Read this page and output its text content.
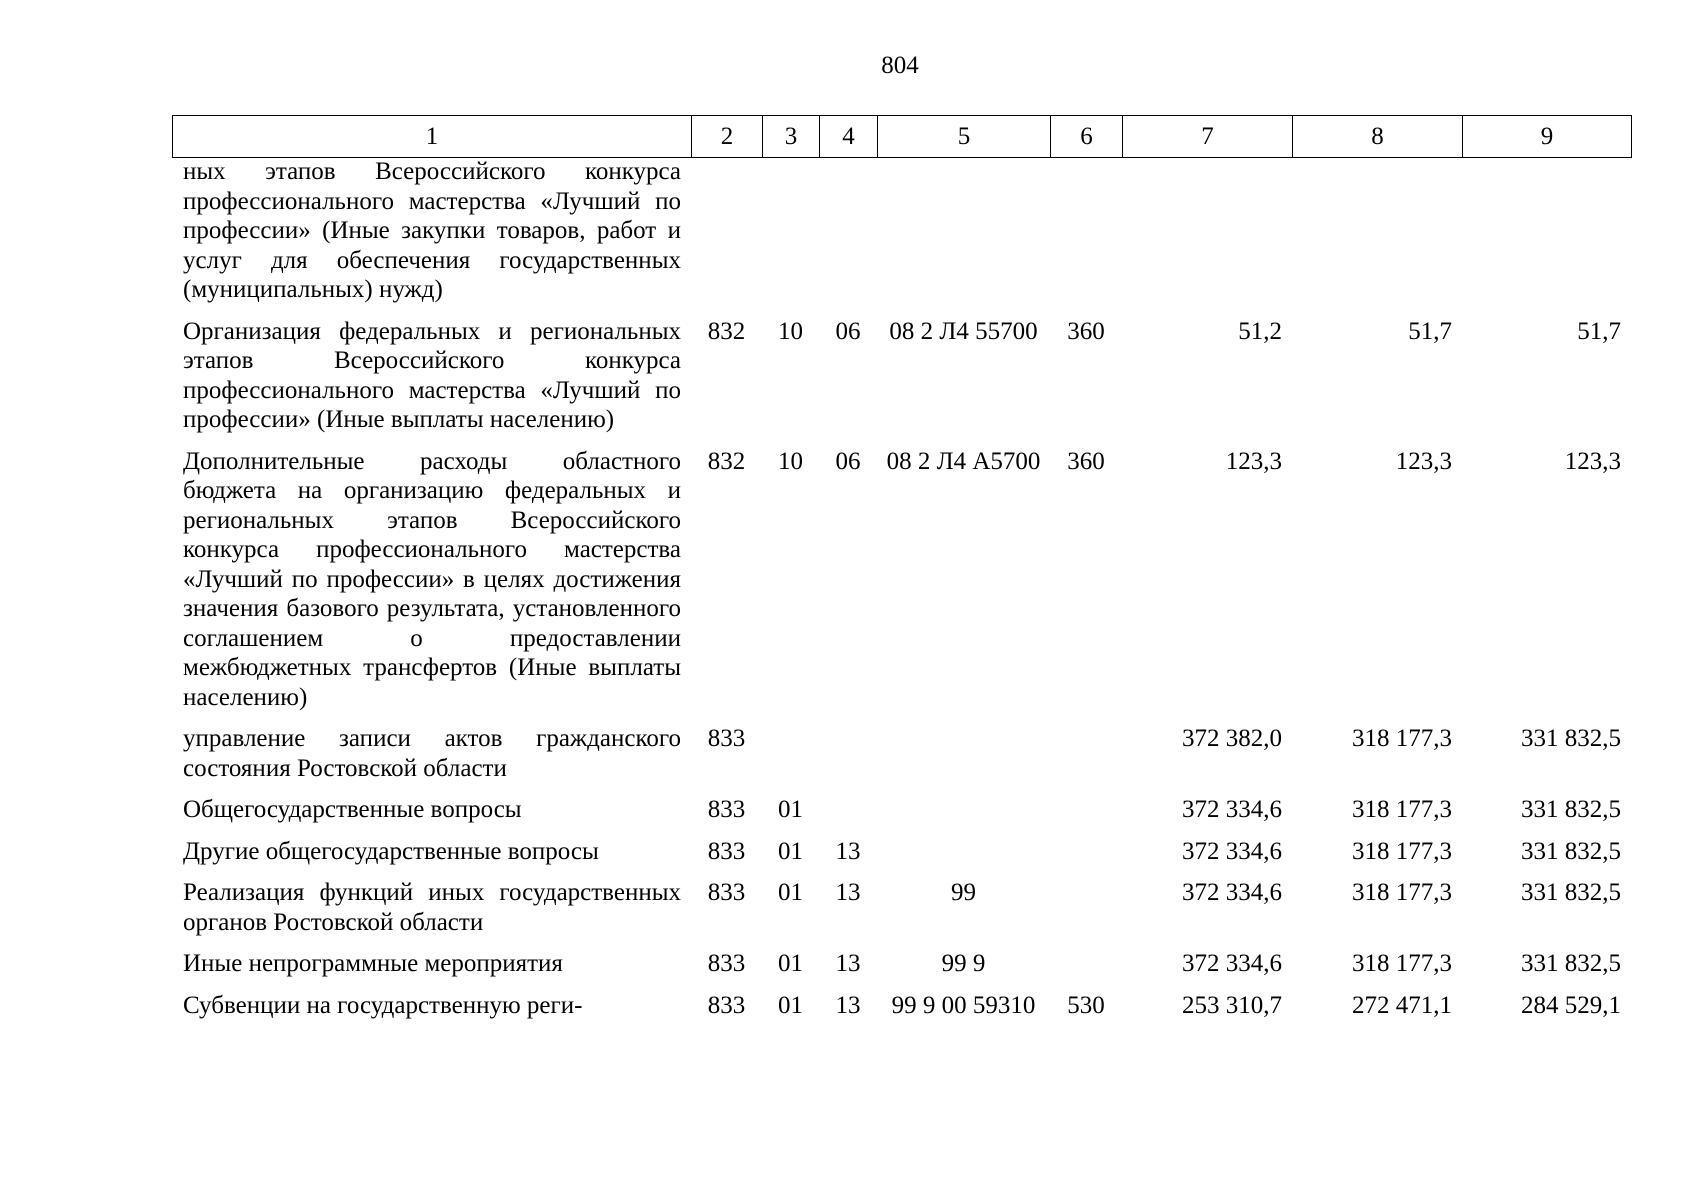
804
1	2	3	4	5	6	7	8	9
ных этапов Всероссийского конкурса профессионального мастерства «Лучший по профессии» (Иные закупки товаров, работ и услуг для обеспечения государственных (муниципальных) нужд)								
Организация федеральных и региональных этапов Всероссийского конкурса профессионального мастерства «Лучший по профессии» (Иные выплаты населению)	832	10	06	08 2 Л4 55700	360	51,2	51,7	51,7
Дополнительные расходы областного бюджета на организацию федеральных и региональных этапов Всероссийского конкурса профессионального мастерства «Лучший по профессии» в целях достижения значения базового результата, установленного соглашением о предоставлении межбюджетных трансфертов (Иные выплаты населению)	832	10	06	08 2 Л4 А5700	360	123,3	123,3	123,3
управление записи актов гражданского состояния Ростовской области	833					372 382,0	318 177,3	331 832,5
Общегосударственные вопросы	833	01				372 334,6	318 177,3	331 832,5
Другие общегосударственные вопросы	833	01	13			372 334,6	318 177,3	331 832,5
Реализация функций иных государственных органов Ростовской области	833	01	13	99		372 334,6	318 177,3	331 832,5
Иные непрограммные мероприятия	833	01	13	99 9		372 334,6	318 177,3	331 832,5
Субвенции на государственную реги-	833	01	13	99 9 00 59310	530	253 310,7	272 471,1	284 529,1
